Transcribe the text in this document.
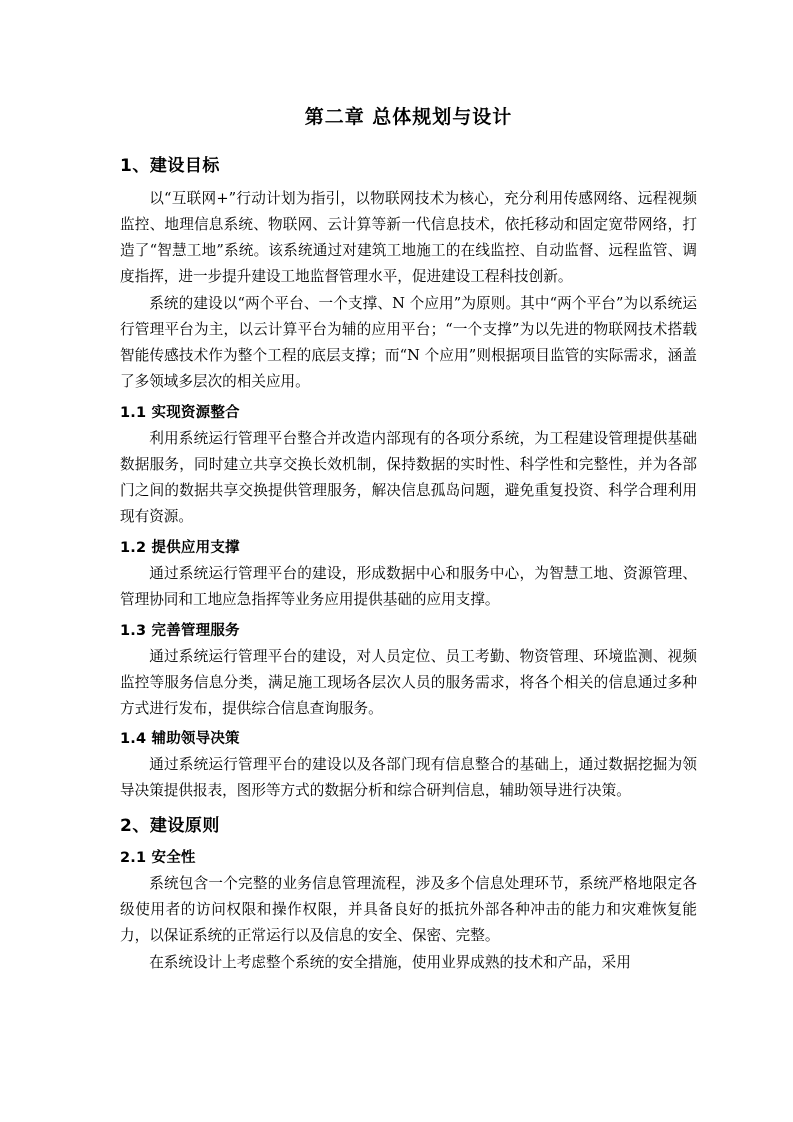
第二章 总体规划与设计
1、建设目标

以“互联网+”行动计划为指引，以物联网技术为核心，充分利用传感网络、远程视频监控、地理信息系统、物联网、云计算等新一代信息技术，依托移动和固定宽带网络，打造了“智慧工地”系统。该系统通过对建筑工地施工的在线监控、自动监督、远程监管、调度指挥，进一步提升建设工地监督管理水平，促进建设工程科技创新。

系统的建设以“两个平台、一个支撑、N 个应用”为原则。其中“两个平台”为以系统运行管理平台为主，以云计算平台为辅的应用平台；“一个支撑”为以先进的物联网技术搭载智能传感技术作为整个工程的底层支撑；而“N 个应用”则根据项目监管的实际需求，涵盖了多领域多层次的相关应用。

1.1 实现资源整合

利用系统运行管理平台整合并改造内部现有的各项分系统，为工程建设管理提供基础数据服务，同时建立共享交换长效机制，保持数据的实时性、科学性和完整性，并为各部门之间的数据共享交换提供管理服务，解决信息孤岛问题，避免重复投资、科学合理利用现有资源。

1.2 提供应用支撑

通过系统运行管理平台的建设，形成数据中心和服务中心，为智慧工地、资源管理、管理协同和工地应急指挥等业务应用提供基础的应用支撑。

1.3 完善管理服务

通过系统运行管理平台的建设，对人员定位、员工考勤、物资管理、环境监测、视频监控等服务信息分类，满足施工现场各层次人员的服务需求，将各个相关的信息通过多种方式进行发布，提供综合信息查询服务。

1.4 辅助领导决策

通过系统运行管理平台的建设以及各部门现有信息整合的基础上，通过数据挖掘为领导决策提供报表，图形等方式的数据分析和综合研判信息，辅助领导进行决策。

2、建设原则
2.1 安全性

系统包含一个完整的业务信息管理流程，涉及多个信息处理环节，系统严格地限定各级使用者的访问权限和操作权限，并具备良好的抵抗外部各种冲击的能力和灾难恢复能力，以保证系统的正常运行以及信息的安全、保密、完整。

在系统设计上考虑整个系统的安全措施，使用业界成熟的技术和产品，采用
